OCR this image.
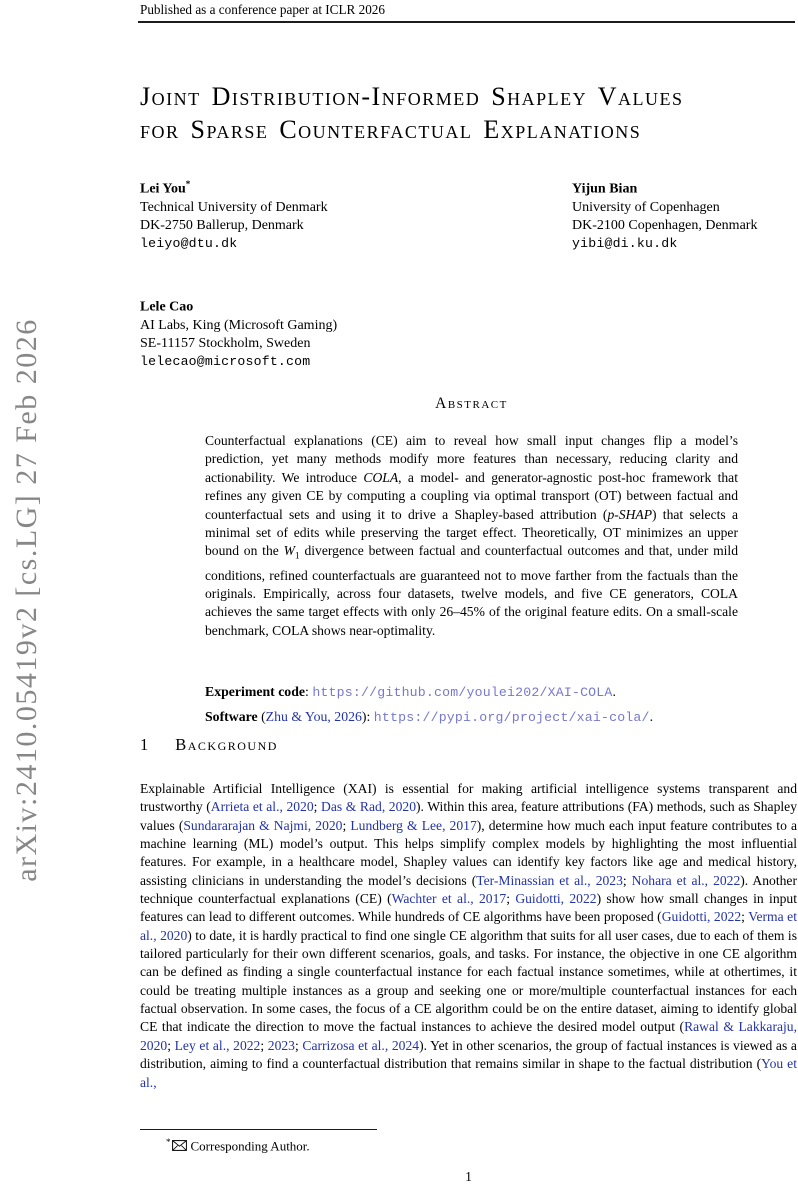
arXiv:2410.05419v2 [cs.LG] 27 Feb 2026
Published as a conference paper at ICLR 2026
Joint Distribution-Informed Shapley Values
for Sparse Counterfactual Explanations
Lei You*
Technical University of Denmark
DK-2750 Ballerup, Denmark
leiyo@dtu.dk
Yijun Bian
University of Copenhagen
DK-2100 Copenhagen, Denmark
yibi@di.ku.dk
Lele Cao
AI Labs, King (Microsoft Gaming)
SE-11157 Stockholm, Sweden
lelecao@microsoft.com
Abstract
Counterfactual explanations (CE) aim to reveal how small input changes flip a model’s prediction, yet many methods modify more features than necessary, reducing clarity and actionability. We introduce COLA, a model- and generator-agnostic post-hoc framework that refines any given CE by computing a coupling via optimal transport (OT) between factual and counterfactual sets and using it to drive a Shapley-based attribution (p-SHAP) that selects a minimal set of edits while preserving the target effect. Theoretically, OT minimizes an upper bound on the $W_1$ divergence between factual and counterfactual outcomes and that, under mild conditions, refined counterfactuals are guaranteed not to move farther from the factuals than the originals. Empirically, across four datasets, twelve models, and five CE generators, COLA achieves the same target effects with only 26–45% of the original feature edits. On a small-scale benchmark, COLA shows near-optimality.
Experiment code: https://github.com/youlei202/XAI-COLA.
Software (Zhu & You, 2026): https://pypi.org/project/xai-cola/.
1 Background
Explainable Artificial Intelligence (XAI) is essential for making artificial intelligence systems transparent and trustworthy (Arrieta et al., 2020; Das & Rad, 2020). Within this area, feature attributions (FA) methods, such as Shapley values (Sundararajan & Najmi, 2020; Lundberg & Lee, 2017), determine how much each input feature contributes to a machine learning (ML) model’s output. This helps simplify complex models by highlighting the most influential features. For example, in a healthcare model, Shapley values can identify key factors like age and medical history, assisting clinicians in understanding the model’s decisions (Ter-Minassian et al., 2023; Nohara et al., 2022). Another technique counterfactual explanations (CE) (Wachter et al., 2017; Guidotti, 2022) show how small changes in input features can lead to different outcomes. While hundreds of CE algorithms have been proposed (Guidotti, 2022; Verma et al., 2020) to date, it is hardly practical to find one single CE algorithm that suits for all user cases, due to each of them is tailored particularly for their own different scenarios, goals, and tasks. For instance, the objective in one CE algorithm can be defined as finding a single counterfactual instance for each factual instance sometimes, while at othertimes, it could be treating multiple instances as a group and seeking one or more/multiple counterfactual instances for each factual observation. In some cases, the focus of a CE algorithm could be on the entire dataset, aiming to identify global CE that indicate the direction to move the factual instances to achieve the desired model output (Rawal & Lakkaraju, 2020; Ley et al., 2022; 2023; Carrizosa et al., 2024). Yet in other scenarios, the group of factual instances is viewed as a distribution, aiming to find a counterfactual distribution that remains similar in shape to the factual distribution (You et al.,
* Corresponding Author.
1
